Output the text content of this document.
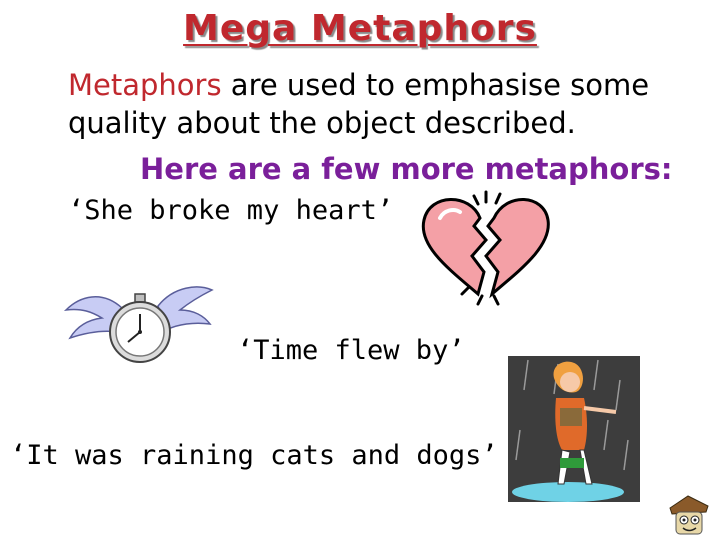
Mega Metaphors
Metaphors are used to emphasise some
quality about the object described.
Here are a few more metaphors:
‘She broke my heart’
‘Time flew by’
‘It was raining cats and dogs’
